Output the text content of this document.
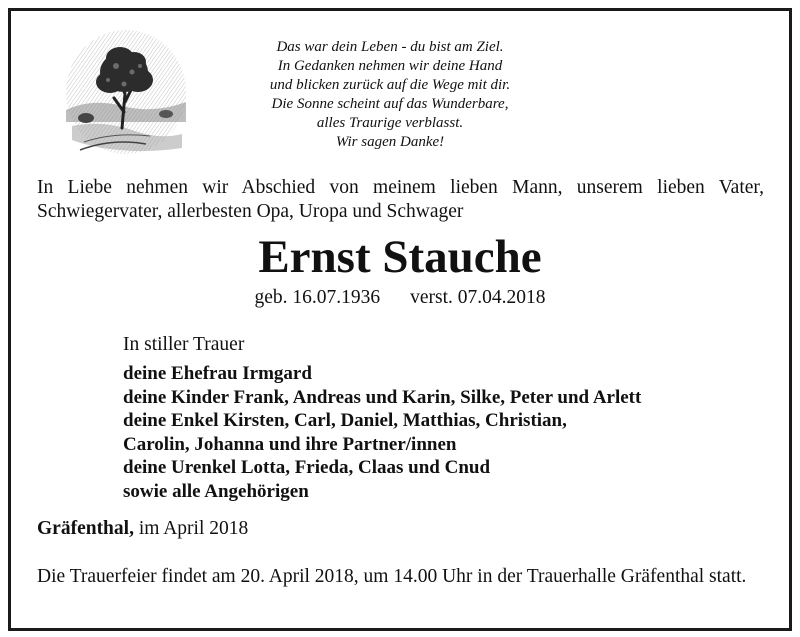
Das war dein Leben - du bist am Ziel.
In Gedanken nehmen wir deine Hand
und blicken zurück auf die Wege mit dir.
Die Sonne scheint auf das Wunderbare,
alles Traurige verblasst.
Wir sagen Danke!
In Liebe nehmen wir Abschied von meinem lieben Mann, unserem lieben Vater,
Schwiegervater, allerbesten Opa, Uropa und Schwager
Ernst Stauche
geb. 16.07.1936 verst. 07.04.2018
In stiller Trauer
deine Ehefrau Irmgard
deine Kinder Frank, Andreas und Karin, Silke, Peter und Arlett
deine Enkel Kirsten, Carl, Daniel, Matthias, Christian,
Carolin, Johanna und ihre Partner/innen
deine Urenkel Lotta, Frieda, Claas und Cnud
sowie alle Angehörigen
Gräfenthal, im April 2018
Die Trauerfeier findet am 20. April 2018, um 14.00 Uhr in der Trauerhalle Gräfenthal statt.
